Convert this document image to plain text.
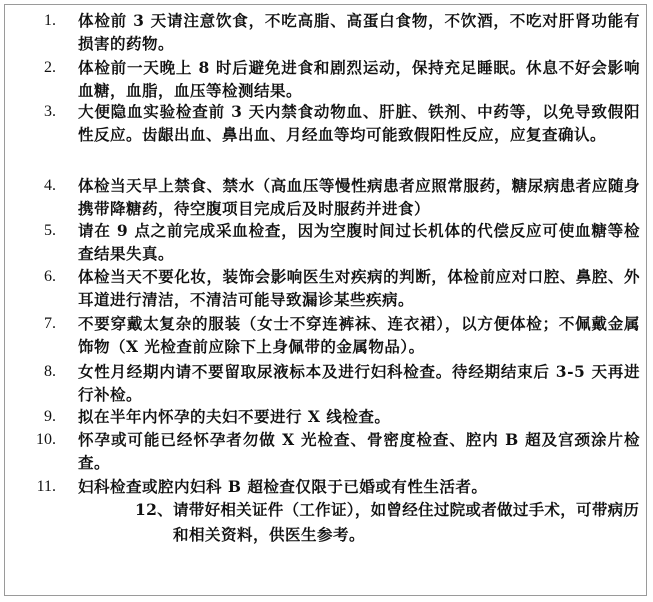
1. 体检前 3 天请注意饮食，不吃高脂、高蛋白食物，不饮酒，不吃对肝肾功能有损害的药物。
2. 体检前一天晚上 8 时后避免进食和剧烈运动，保持充足睡眠。休息不好会影响血糖，血脂，血压等检测结果。
3. 大便隐血实验检查前 3 天内禁食动物血、肝脏、铁剂、中药等，以免导致假阳性反应。齿龈出血、鼻出血、月经血等均可能致假阳性反应，应复查确认。
4. 体检当天早上禁食、禁水（高血压等慢性病患者应照常服药，糖尿病患者应随身携带降糖药，待空腹项目完成后及时服药并进食）
5. 请在 9 点之前完成采血检查，因为空腹时间过长机体的代偿反应可使血糖等检查结果失真。
6. 体检当天不要化妆，装饰会影响医生对疾病的判断，体检前应对口腔、鼻腔、外耳道进行清洁，不清洁可能导致漏诊某些疾病。
7. 不要穿戴太复杂的服装（女士不穿连裤袜、连衣裙），以方便体检；不佩戴金属饰物（X 光检查前应除下上身佩带的金属物品）。
8. 女性月经期内请不要留取尿液标本及进行妇科检查。待经期结束后 3-5 天再进行补检。
9. 拟在半年内怀孕的夫妇不要进行 X 线检查。
10. 怀孕或可能已经怀孕者勿做 X 光检查、骨密度检查、腔内 B 超及宫颈涂片检查。
11. 妇科检查或腔内妇科 B 超检查仅限于已婚或有性生活者。
12、请带好相关证件（工作证），如曾经住过院或者做过手术，可带病历
和相关资料，供医生参考。
